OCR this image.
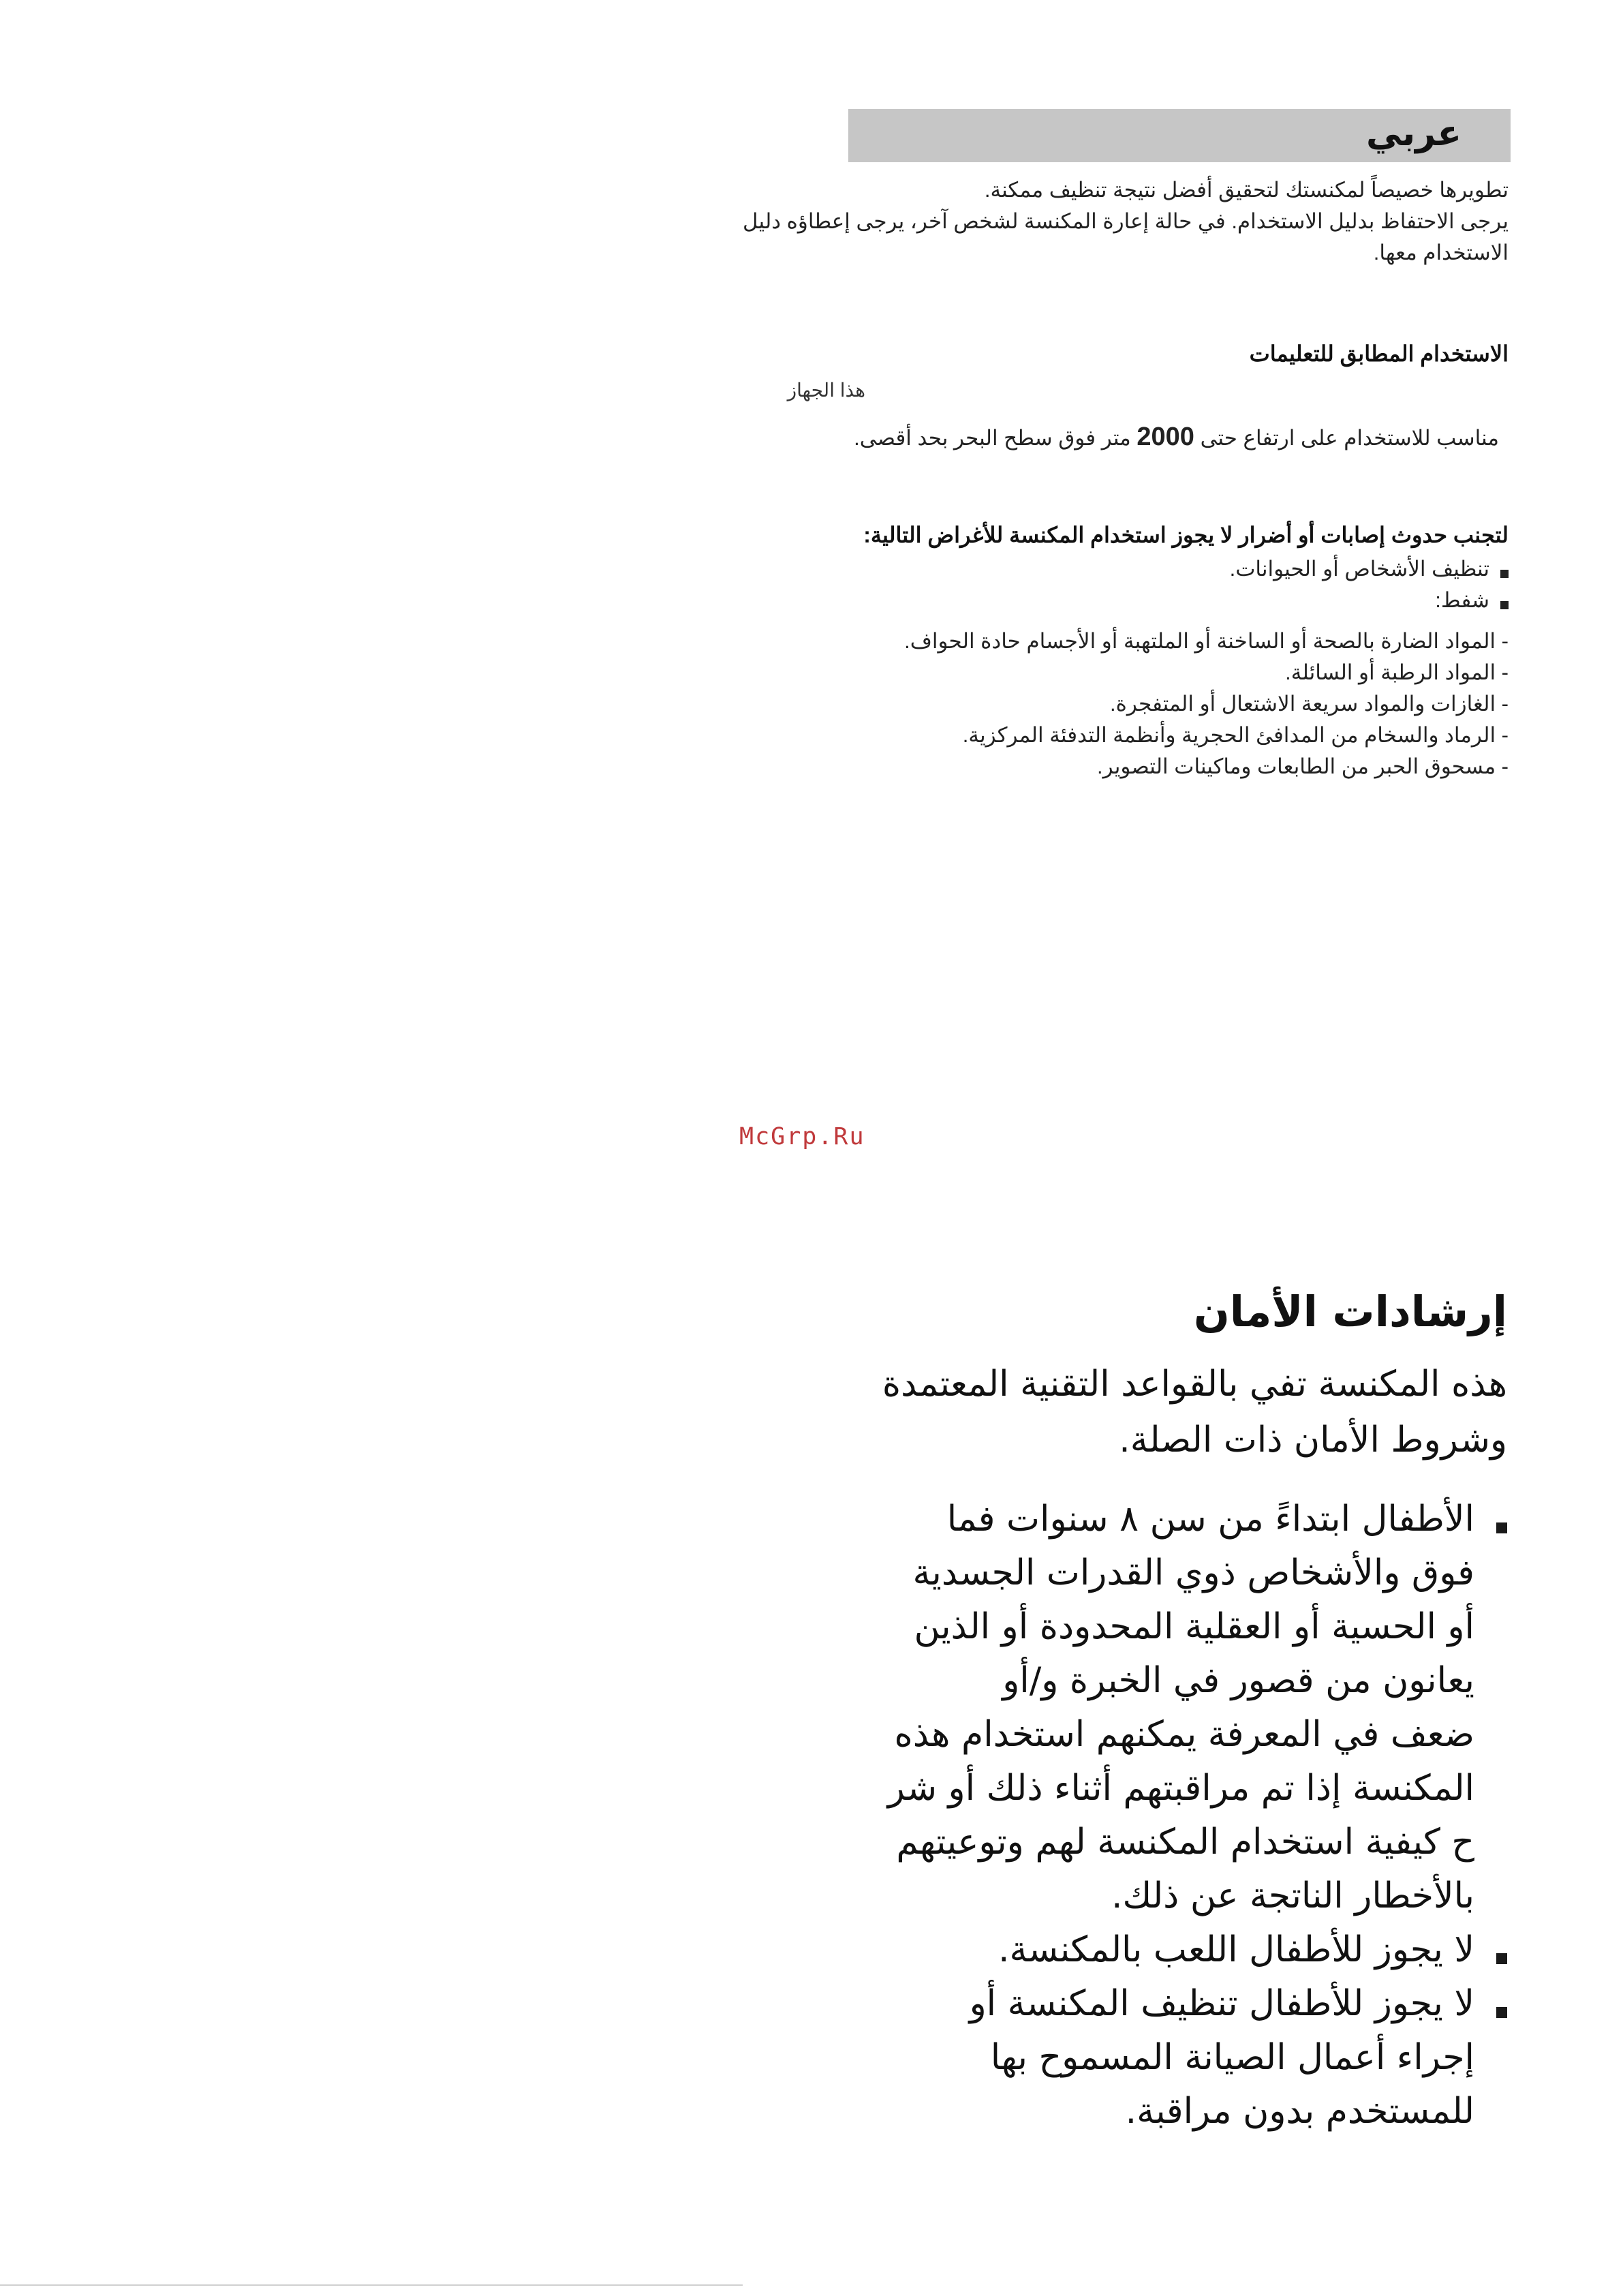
عربي

تطويرها خصيصاً لمكنستك لتحقيق أفضل نتيجة تنظيف ممكنة.

يرجى الاحتفاظ بدليل الاستخدام. في حالة إعارة المكنسة لشخص آخر، يرجى إعطاؤه دليل

الاستخدام معها.

الاستخدام المطابق للتعليمات
هذا الجهاز
مناسب للاستخدام على ارتفاع حتى 2000 متر فوق سطح البحر بحد أقصى.
لتجنب حدوث إصابات أو أضرار لا يجوز استخدام المكنسة للأغراض التالية:
تنظيف الأشخاص أو الحيوانات.
شفط:
- المواد الضارة بالصحة أو الساخنة أو الملتهبة أو الأجسام حادة الحواف.
- المواد الرطبة أو السائلة.
- الغازات والمواد سريعة الاشتعال أو المتفجرة.
- الرماد والسخام من المدافئ الحجرية وأنظمة التدفئة المركزية.
- مسحوق الحبر من الطابعات وماكينات التصوير.
McGrp.Ru
إرشادات الأمان
هذه المكنسة تفي بالقواعد التقنية المعتمدة
وشروط الأمان ذات الصلة.
الأطفال ابتداءً من سن ٨ سنوات فما
فوق والأشخاص ذوي القدرات الجسدية
أو الحسية أو العقلية المحدودة أو الذين
يعانون من قصور في الخبرة و/أو
ضعف في المعرفة يمكنهم استخدام هذه
المكنسة إذا تم مراقبتهم أثناء ذلك أو شر
ح كيفية استخدام المكنسة لهم وتوعيتهم
بالأخطار الناتجة عن ذلك.
لا يجوز للأطفال اللعب بالمكنسة.
لا يجوز للأطفال تنظيف المكنسة أو
إجراء أعمال الصيانة المسموح بها
للمستخدم بدون مراقبة.
